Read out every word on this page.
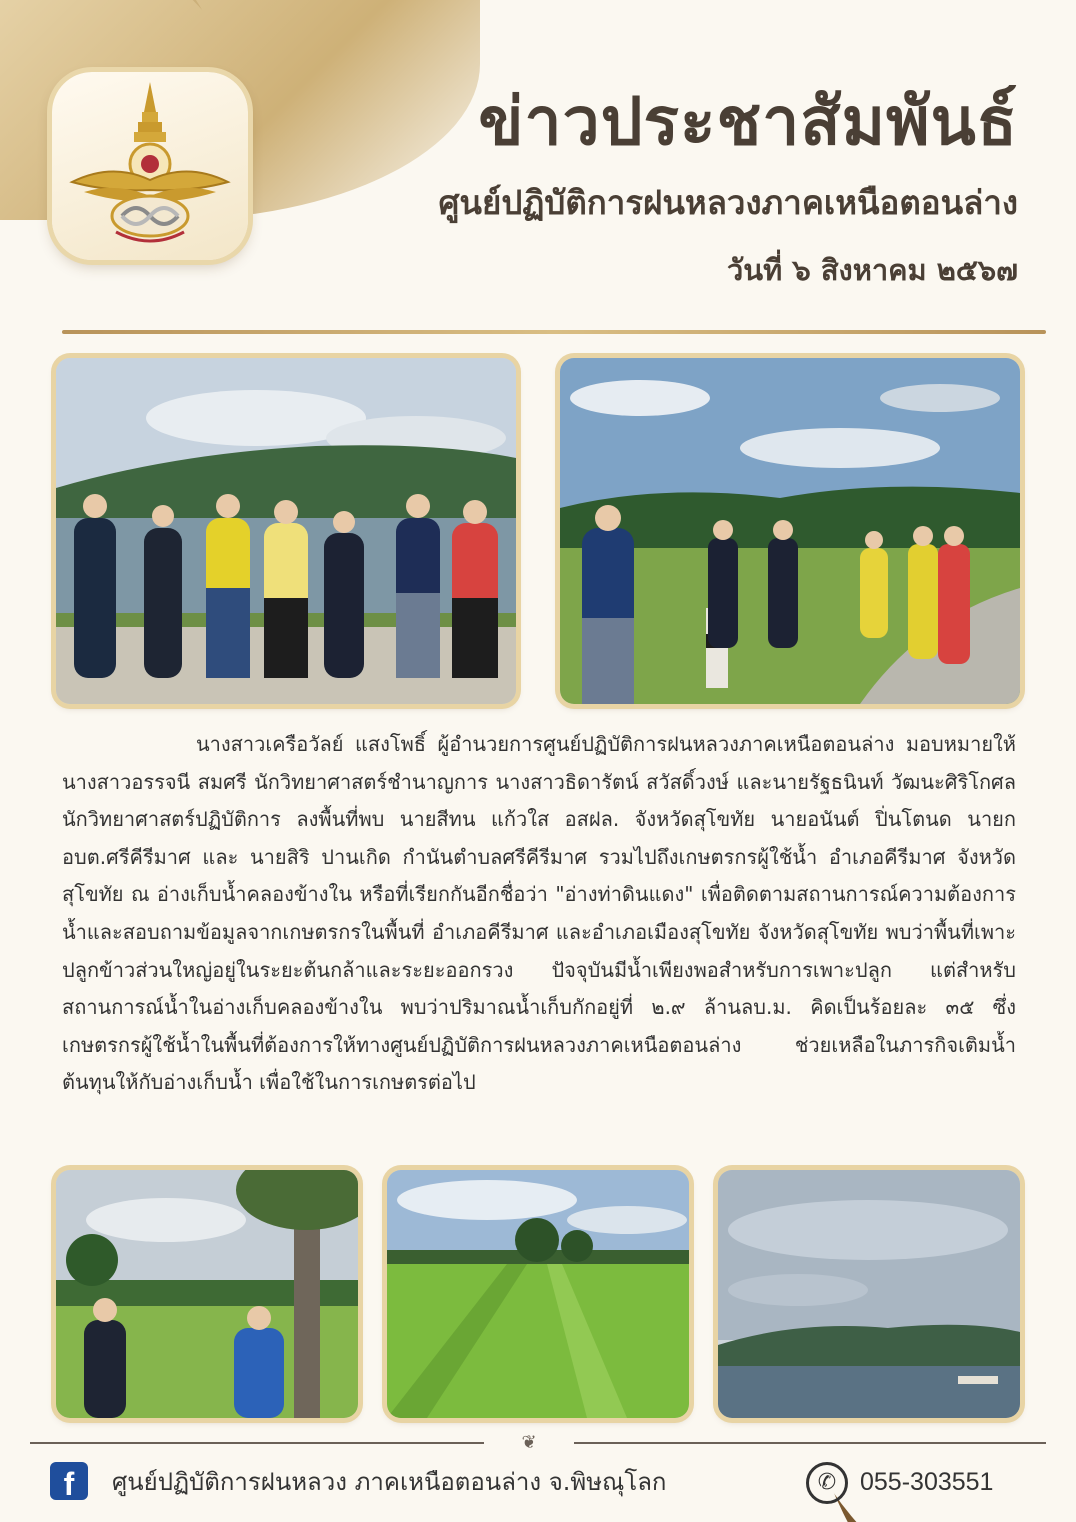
ข่าวประชาสัมพันธ์
ศูนย์ปฏิบัติการฝนหลวงภาคเหนือตอนล่าง
วันที่ ๖ สิงหาคม ๒๕๖๗
นางสาวเครือวัลย์ แสงโพธิ์ ผู้อำนวยการศูนย์ปฏิบัติการฝนหลวงภาคเหนือตอนล่าง มอบหมายให้ นางสาวอรรจนี สมศรี นักวิทยาศาสตร์ชำนาญการ นางสาวธิดารัตน์ สวัสดิ์วงษ์ และนายรัฐธนินท์ วัฒนะศิริโกศล นักวิทยาศาสตร์ปฏิบัติการ ลงพื้นที่พบ นายสีทน แก้วใส อสฝล. จังหวัดสุโขทัย นายอนันต์ ปิ่นโตนด นายก อบต.ศรีคีรีมาศ และ นายสิริ ปานเกิด กำนันตำบลศรีคีรีมาศ รวมไปถึงเกษตรกรผู้ใช้น้ำ อำเภอคีรีมาศ จังหวัดสุโขทัย ณ อ่างเก็บน้ำคลองข้างใน หรือที่เรียกกันอีกชื่อว่า "อ่างท่าดินแดง" เพื่อติดตามสถานการณ์ความต้องการน้ำและสอบถามข้อมูลจากเกษตรกรในพื้นที่ อำเภอคีรีมาศ และอำเภอเมืองสุโขทัย จังหวัดสุโขทัย พบว่าพื้นที่เพาะปลูกข้าวส่วนใหญ่อยู่ในระยะต้นกล้าและระยะออกรวง ปัจจุบันมีน้ำเพียงพอสำหรับการเพาะปลูก แต่สำหรับสถานการณ์น้ำในอ่างเก็บคลองข้างใน พบว่าปริมาณน้ำเก็บกักอยู่ที่ ๒.๙ ล้านลบ.ม. คิดเป็นร้อยละ ๓๕ ซึ่งเกษตรกรผู้ใช้น้ำในพื้นที่ต้องการให้ทางศูนย์ปฏิบัติการฝนหลวงภาคเหนือตอนล่าง ช่วยเหลือในภารกิจเติมน้ำต้นทุนให้กับอ่างเก็บน้ำ เพื่อใช้ในการเกษตรต่อไป
❦
f	ศูนย์ปฏิบัติการฝนหลวง ภาคเหนือตอนล่าง จ.พิษณุโลก	✆ 055-303551
